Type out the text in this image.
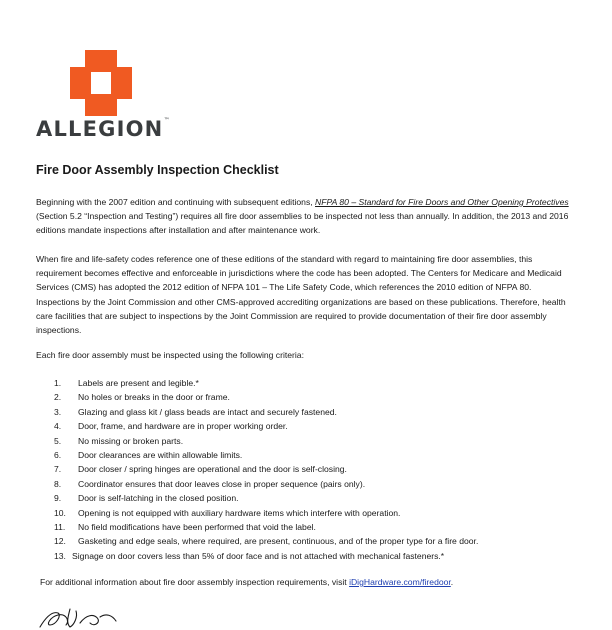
ALLEGION™
Fire Door Assembly Inspection Checklist

Beginning with the 2007 edition and continuing with subsequent editions, NFPA 80 – Standard for Fire Doors and Other Opening Protectives (Section 5.2 “Inspection and Testing”) requires all fire door assemblies to be inspected not less than annually. In addition, the 2013 and 2016 editions mandate inspections after installation and after maintenance work.

When fire and life-safety codes reference one of these editions of the standard with regard to maintaining fire door assemblies, this requirement becomes effective and enforceable in jurisdictions where the code has been adopted. The Centers for Medicare and Medicaid Services (CMS) has adopted the 2012 edition of NFPA 101 – The Life Safety Code, which references the 2010 edition of NFPA 80. Inspections by the Joint Commission and other CMS-approved accrediting organizations are based on these publications. Therefore, health care facilities that are subject to inspections by the Joint Commission are required to provide documentation of their fire door assembly inspections.

Each fire door assembly must be inspected using the following criteria:

1. Labels are present and legible.*
2. No holes or breaks in the door or frame.
3. Glazing and glass kit / glass beads are intact and securely fastened.
4. Door, frame, and hardware are in proper working order.
5. No missing or broken parts.
6. Door clearances are within allowable limits.
7. Door closer / spring hinges are operational and the door is self-closing.
8. Coordinator ensures that door leaves close in proper sequence (pairs only).
9. Door is self-latching in the closed position.
10. Opening is not equipped with auxiliary hardware items which interfere with operation.
11. No field modifications have been performed that void the label.
12. Gasketing and edge seals, where required, are present, continuous, and of the proper type for a fire door.
13. Signage on door covers less than 5% of door face and is not attached with mechanical fasteners.*
For additional information about fire door assembly inspection requirements, visit iDigHardware.com/firedoor.
